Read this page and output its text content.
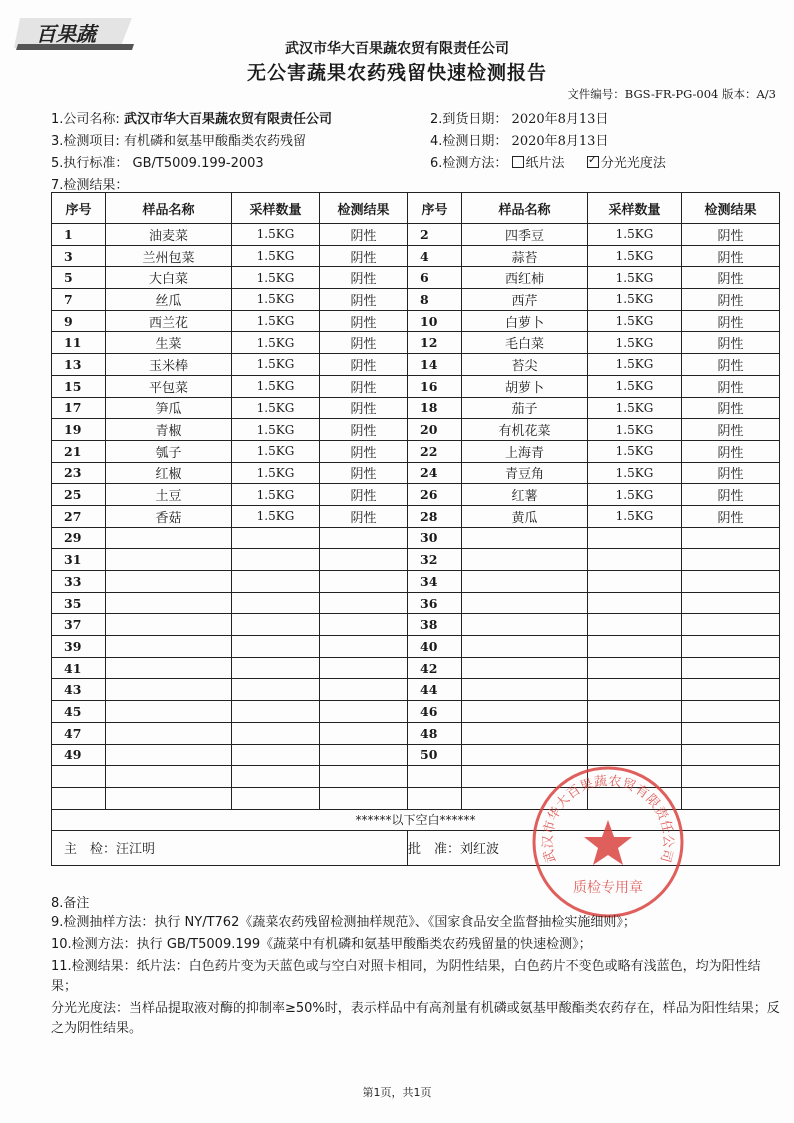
百果蔬
武汉市华大百果蔬农贸有限责任公司
无公害蔬果农药残留快速检测报告
文件编号：BGS-FR-PG-004 版本：A/3
1.公司名称: 武汉市华大百果蔬农贸有限责任公司	2.到货日期： 2020年8月13日
3.检测项目: 有机磷和氨基甲酸酯类农药残留	4.检测日期： 2020年8月13日
5.执行标准： GB/T5009.199-2003	6.检测方法： 纸片法 ✓	分光光度法
7.检测结果：
序号	样品名称	采样数量	检测结果	序号	样品名称	采样数量	检测结果
1	油麦菜	1.5KG	阴性	2	四季豆	1.5KG	阴性
3	兰州包菜	1.5KG	阴性	4	蒜苔	1.5KG	阴性
5	大白菜	1.5KG	阴性	6	西红柿	1.5KG	阴性
7	丝瓜	1.5KG	阴性	8	西芹	1.5KG	阴性
9	西兰花	1.5KG	阴性	10	白萝卜	1.5KG	阴性
11	生菜	1.5KG	阴性	12	毛白菜	1.5KG	阴性
13	玉米棒	1.5KG	阴性	14	苔尖	1.5KG	阴性
15	平包菜	1.5KG	阴性	16	胡萝卜	1.5KG	阴性
17	笋瓜	1.5KG	阴性	18	茄子	1.5KG	阴性
19	青椒	1.5KG	阴性	20	有机花菜	1.5KG	阴性
21	瓠子	1.5KG	阴性	22	上海青	1.5KG	阴性
23	红椒	1.5KG	阴性	24	青豆角	1.5KG	阴性
25	土豆	1.5KG	阴性	26	红薯	1.5KG	阴性
27	香菇	1.5KG	阴性	28	黄瓜	1.5KG	阴性
29				30			
31				32			
33				34			
35				36			
37				38			
39				40			
41				42			
43				44			
45				46			
47				48			
49				50			

******以下空白******							
主　检：汪江明				批　准：刘红波				武汉市华大百果蔬农贸有限责任公司
质检专用章
8.备注
9.检测抽样方法：执行 NY/T762《蔬菜农药残留检测抽样规范》、《国家食品安全监督抽检实施细则》；
10.检测方法：执行 GB/T5009.199《蔬菜中有机磷和氨基甲酸酯类农药残留量的快速检测》；
11.检测结果：纸片法：白色药片变为天蓝色或与空白对照卡相同，为阴性结果，白色药片不变色或略有浅蓝色，均为阳性结果；
分光光度法：当样品提取液对酶的抑制率≥50%时，表示样品中有高剂量有机磷或氨基甲酸酯类农药存在，样品为阳性结果；反之为阴性结果。
第1页，共1页
